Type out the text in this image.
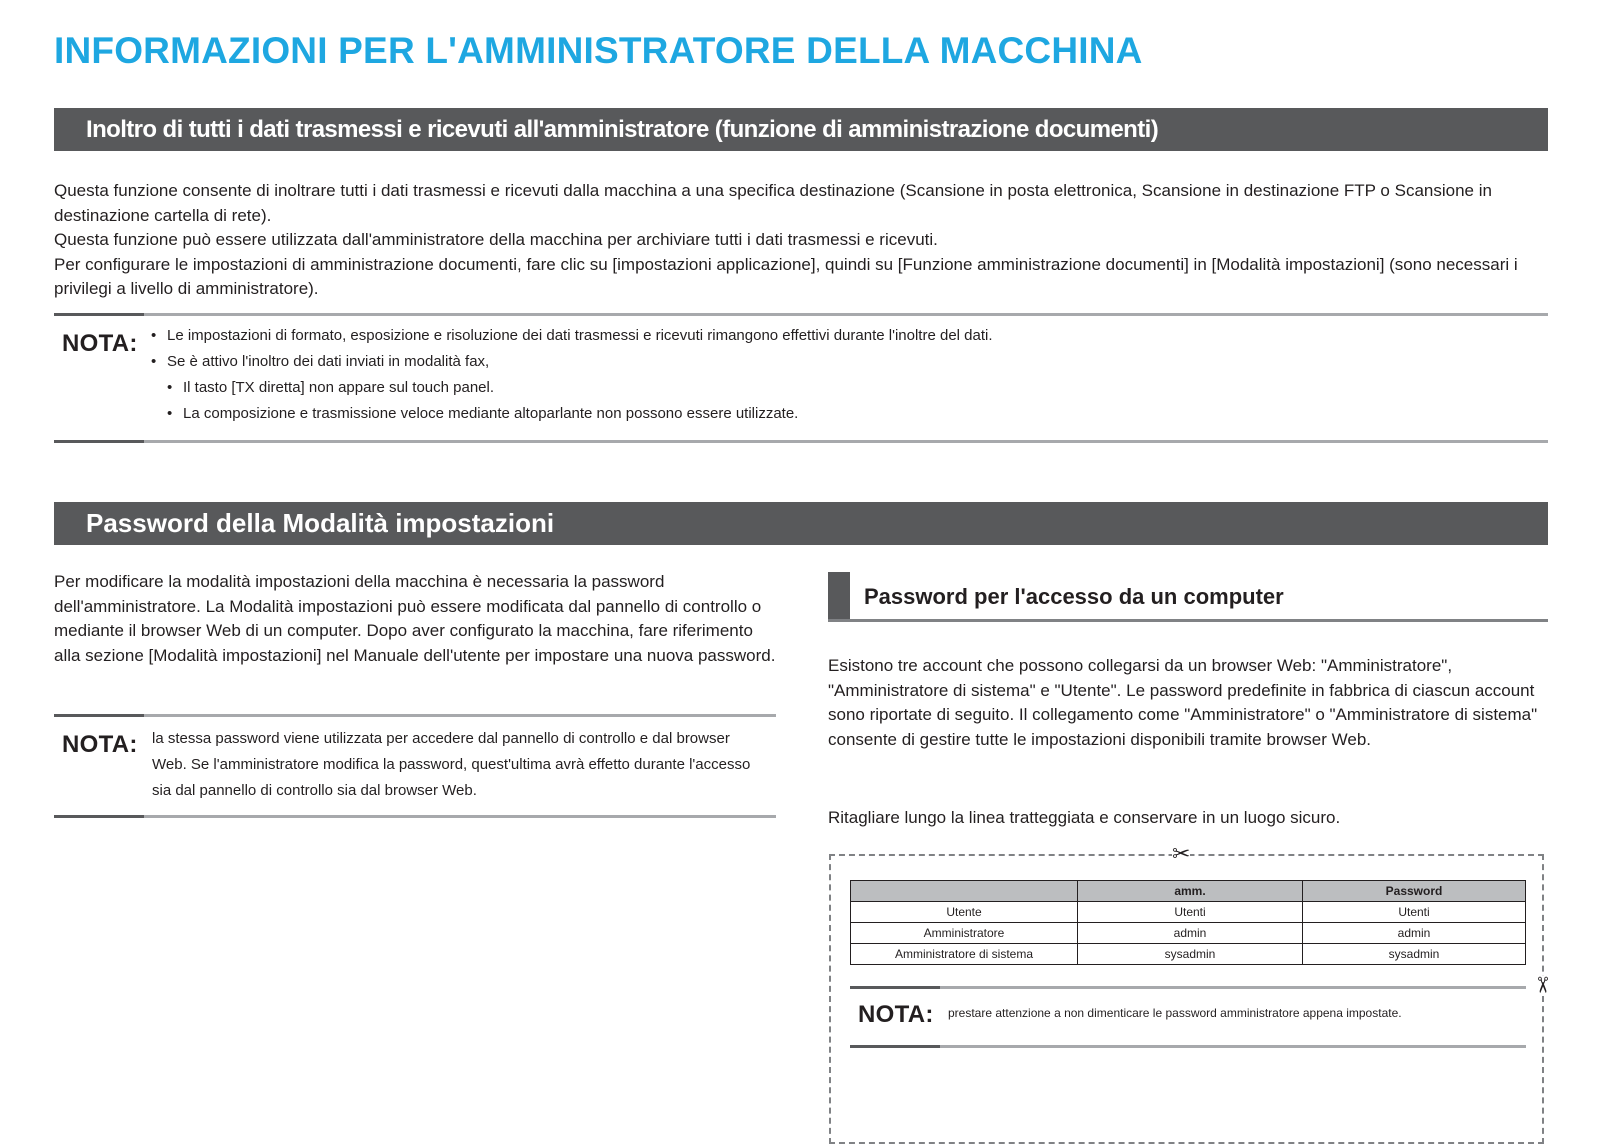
INFORMAZIONI PER L'AMMINISTRATORE DELLA MACCHINA
Inoltro di tutti i dati trasmessi e ricevuti all'amministratore (funzione di amministrazione documenti)
Questa funzione consente di inoltrare tutti i dati trasmessi e ricevuti dalla macchina a una specifica destinazione (Scansione in posta elettronica, Scansione in destinazione FTP o Scansione in destinazione cartella di rete).
Questa funzione può essere utilizzata dall'amministratore della macchina per archiviare tutti i dati trasmessi e ricevuti.
Per configurare le impostazioni di amministrazione documenti, fare clic su [impostazioni applicazione], quindi su [Funzione amministrazione documenti] in [Modalità impostazioni] (sono necessari i privilegi a livello di amministratore).
NOTA:	• Le impostazioni di formato, esposizione e risoluzione dei dati trasmessi e ricevuti rimangono effettivi durante l'inoltre del dati.
• Se è attivo l'inoltro dei dati inviati in modalità fax,
• Il tasto [TX diretta] non appare sul touch panel.
• La composizione e trasmissione veloce mediante altoparlante non possono essere utilizzate.
Password della Modalità impostazioni
Per modificare la modalità impostazioni della macchina è necessaria la password dell'amministratore. La Modalità impostazioni può essere modificata dal pannello di controllo o mediante il browser Web di un computer. Dopo aver configurato la macchina, fare riferimento alla sezione [Modalità impostazioni] nel Manuale dell'utente per impostare una nuova password.
NOTA: la stessa password viene utilizzata per accedere dal pannello di controllo e dal browser Web. Se l'amministratore modifica la password, quest'ultima avrà effetto durante l'accesso sia dal pannello di controllo sia dal browser Web.
Password per l'accesso da un computer
Esistono tre account che possono collegarsi da un browser Web: "Amministratore", "Amministratore di sistema" e "Utente". Le password predefinite in fabbrica di ciascun account sono riportate di seguito. Il collegamento come "Amministratore" o "Amministratore di sistema" consente di gestire tutte le impostazioni disponibili tramite browser Web.
Ritagliare lungo la linea tratteggiata e conservare in un luogo sicuro.
✂
✂
	amm.	Password
Utente	Utenti	Utenti
Amministratore	admin	admin
Amministratore di sistema	sysadmin	sysadmin
NOTA: prestare attenzione a non dimenticare le password amministratore appena impostate.
